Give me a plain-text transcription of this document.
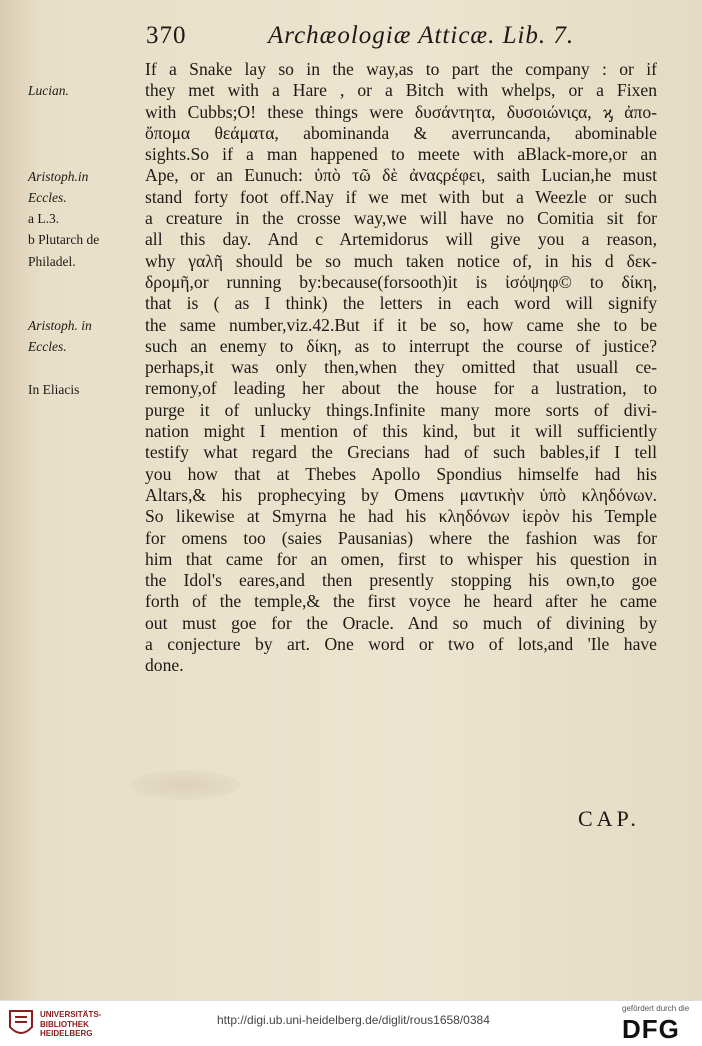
370	Archæologiæ Atticæ. Lib. 7.
If a Snake lay so in the way,as to part the company : or if
they met with a Hare , or a Bitch with whelps, or a Fixen
with Cubbs;O! these things were δυσάντητα, δυσοιώνιςα, ϗ ἀπο-
ὄπομα θεάματα, abominanda & averruncanda, abominable
sights.So if a man happened to meete with aBlack-more,or an
Ape, or an Eunuch: ὑπὸ τῶ δὲ ἀναςρέφει, saith Lucian,he must
stand forty foot off.Nay if we met with but a Weezle or such
a creature in the crosse way,we will have no Comitia sit for
all this day. And c Artemidorus will give you a reason,
why γαλῆ should be so much taken notice of, in his d δεκ-
δρομῆ,or running by:because(forsooth)it is ἰσόψηφ© to δίκη,
that is ( as I think) the letters in each word will signify
the same number,viz.42.But if it be so, how came she to be
such an enemy to δίκη, as to interrupt the course of justice?
perhaps,it was only then,when they omitted that usuall ce-
remony,of leading her about the house for a lustration, to
purge it of unlucky things.Infinite many more sorts of divi-
nation might I mention of this kind, but it will sufficiently
testify what regard the Grecians had of such bables,if I tell
you how that at Thebes Apollo Spondius himselfe had his
Altars,& his prophecying by Omens μαντικὴν ὑπὸ κληδόνων.
So likewise at Smyrna he had his κληδόνων ἱερὸν his Temple
for omens too (saies Pausanias) where the fashion was for
him that came for an omen, first to whisper his question in
the Idol's eares,and then presently stopping his own,to goe
forth of the temple,& the first voyce he heard after he came
out must goe for the Oracle. And so much of divining by
a conjecture by art. One word or two of lots,and 'Ile have
done.
Lucian.
Aristoph.in
Eccles.
a L.3.
b Plutarch de
Philadel.
Aristoph. in
Eccles.
In Eliacis
CAP.
UNIVERSITÄTS-
BIBLIOTHEK
HEIDELBERG
http://digi.ub.uni-heidelberg.de/diglit/rous1658/0384
gefördert durch die
DFG
